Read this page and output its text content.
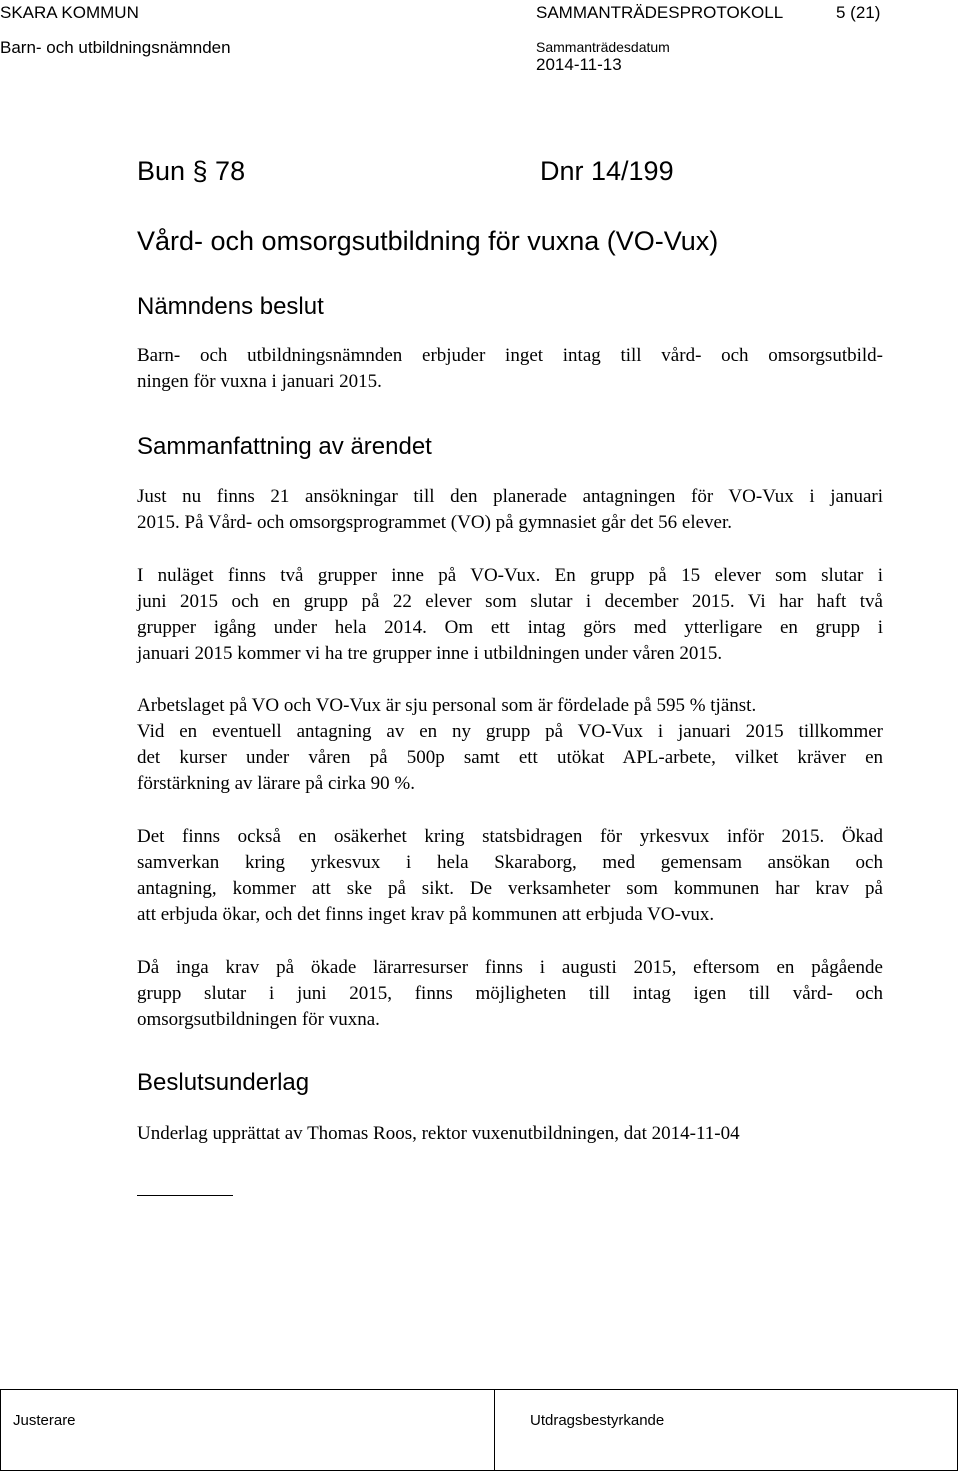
SKARA KOMMUN
Barn- och utbildningsnämnden
SAMMANTRÄDESPROTOKOLL	5 (21)
Sammanträdesdatum
2014-11-13
Bun § 78	Dnr 14/199
Vård- och omsorgsutbildning för vuxna (VO-Vux)
Nämndens beslut
Barn- och utbildningsnämnden erbjuder inget intag till vård- och omsorgsutbild-
ningen för vuxna i januari 2015.
Sammanfattning av ärendet
Just nu finns 21 ansökningar till den planerade antagningen för VO-Vux i januari
2015. På Vård- och omsorgsprogrammet (VO) på gymnasiet går det 56 elever.
I nuläget finns två grupper inne på VO-Vux. En grupp på 15 elever som slutar i
juni 2015 och en grupp på 22 elever som slutar i december 2015. Vi har haft två
grupper igång under hela 2014. Om ett intag görs med ytterligare en grupp i
januari 2015 kommer vi ha tre grupper inne i utbildningen under våren 2015.
Arbetslaget på VO och VO-Vux är sju personal som är fördelade på 595 % tjänst.
Vid en eventuell antagning av en ny grupp på VO-Vux i januari 2015 tillkommer
det kurser under våren på 500p samt ett utökat APL-arbete, vilket kräver en
förstärkning av lärare på cirka 90 %.
Det finns också en osäkerhet kring statsbidragen för yrkesvux inför 2015. Ökad
samverkan kring yrkesvux i hela Skaraborg, med gemensam ansökan och
antagning, kommer att ske på sikt. De verksamheter som kommunen har krav på
att erbjuda ökar, och det finns inget krav på kommunen att erbjuda VO-vux.
Då inga krav på ökade lärarresurser finns i augusti 2015, eftersom en pågående
grupp slutar i juni 2015, finns möjligheten till intag igen till vård- och
omsorgsutbildningen för vuxna.
Beslutsunderlag
Underlag upprättat av Thomas Roos, rektor vuxenutbildningen, dat 2014-11-04
Justerare	Utdragsbestyrkande
